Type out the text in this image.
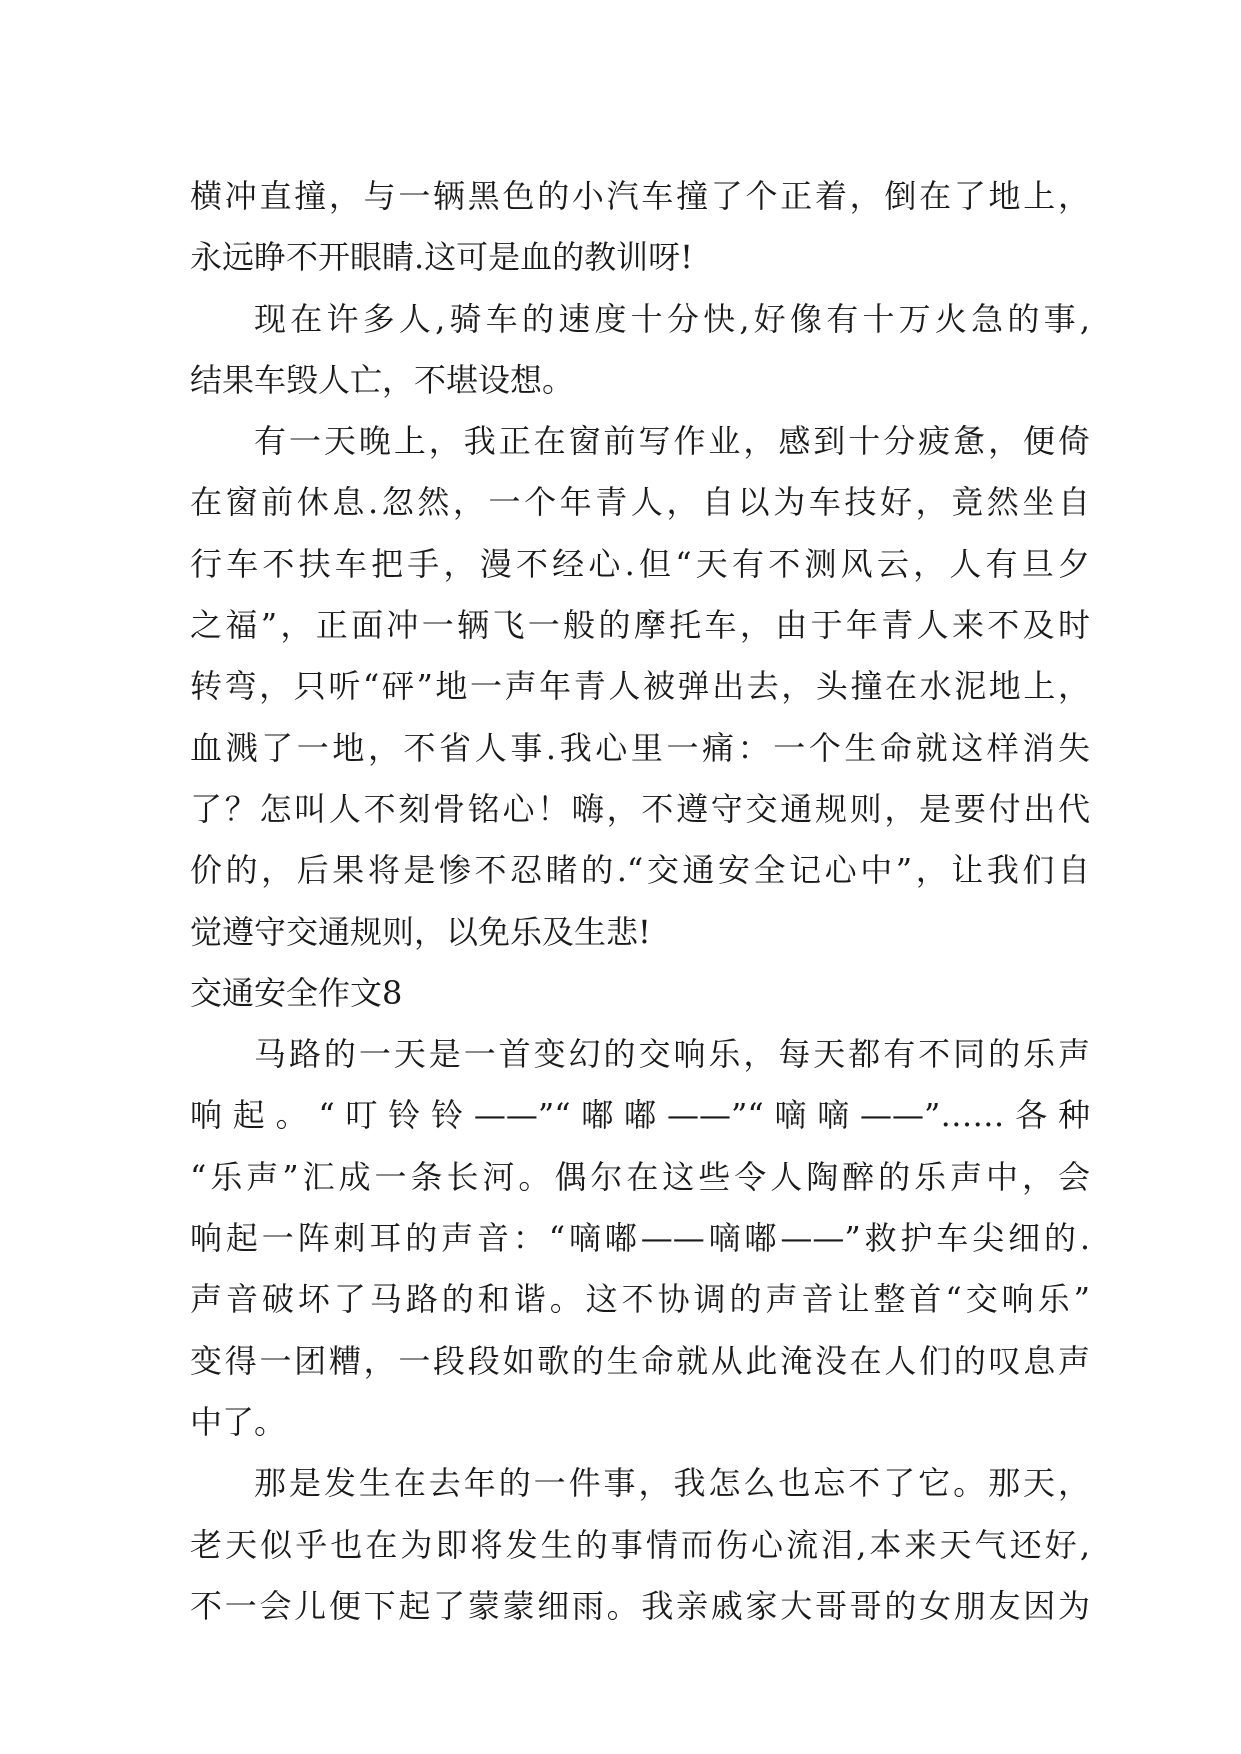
横冲直撞，与一辆黑色的小汽车撞了个正着，倒在了地上，
永远睁不开眼睛.这可是血的教训呀!
现在许多人,骑车的速度十分快,好像有十万火急的事,
结果车毁人亡，不堪设想。
有一天晚上，我正在窗前写作业，感到十分疲惫，便倚
在窗前休息.忽然，一个年青人，自以为车技好，竟然坐自
行车不扶车把手，漫不经心.但“天有不测风云，人有旦夕
之福”，正面冲一辆飞一般的摩托车，由于年青人来不及时
转弯，只听“砰”地一声年青人被弹出去，头撞在水泥地上，
血溅了一地，不省人事.我心里一痛：一个生命就这样消失
了？怎叫人不刻骨铭心！嗨，不遵守交通规则，是要付出代
价的，后果将是惨不忍睹的.“交通安全记心中”，让我们自
觉遵守交通规则，以免乐及生悲!
交通安全作文8
马路的一天是一首变幻的交响乐，每天都有不同的乐声
响起。“叮铃铃——”“嘟嘟——”“嘀嘀——”……各种
“乐声”汇成一条长河。偶尔在这些令人陶醉的乐声中，会
响起一阵刺耳的声音：“嘀嘟——嘀嘟——”救护车尖细的.
声音破坏了马路的和谐。这不协调的声音让整首“交响乐”
变得一团糟，一段段如歌的生命就从此淹没在人们的叹息声
中了。
那是发生在去年的一件事，我怎么也忘不了它。那天，
老天似乎也在为即将发生的事情而伤心流泪,本来天气还好,
不一会儿便下起了蒙蒙细雨。我亲戚家大哥哥的女朋友因为
